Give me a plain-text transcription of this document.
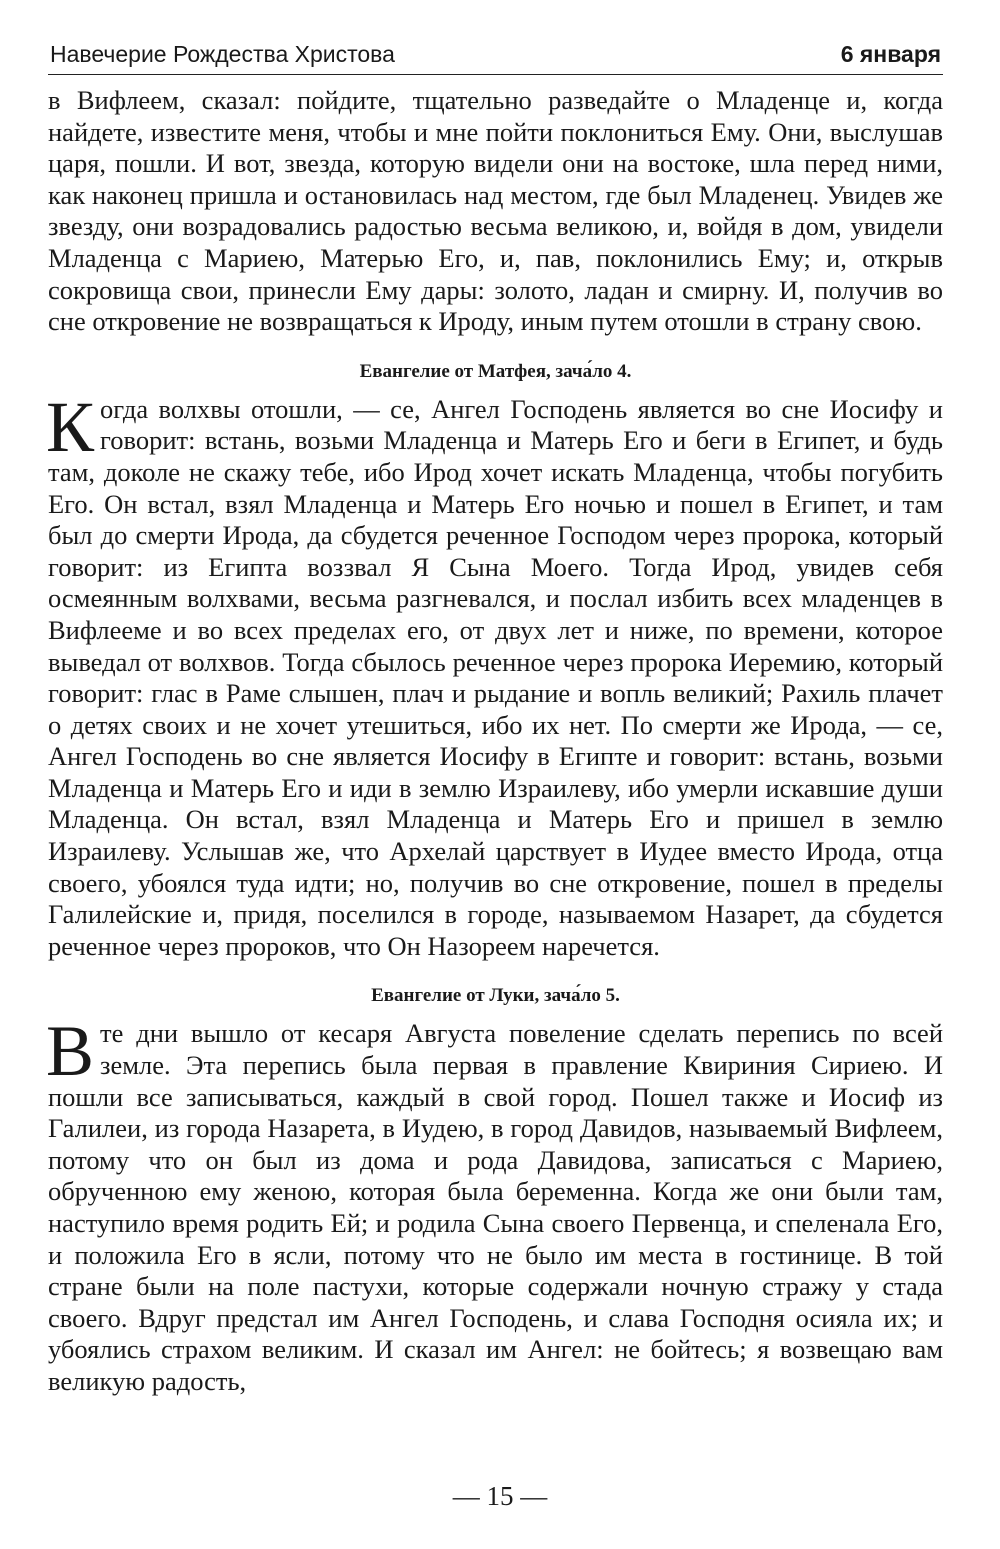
Навечерие Рождества Христова	6 января

в Вифлеем, сказал: пойдите, тщательно разведайте о Младенце и, когда найдете, известите меня, чтобы и мне пойти поклониться Ему. Они, выслушав царя, пошли. И вот, звезда, которую видели они на востоке, шла перед ними, как наконец пришла и остановилась над местом, где был Младенец. Увидев же звезду, они возрадовались радостью весьма великою, и, войдя в дом, увидели Младенца с Мариею, Матерью Его, и, пав, поклонились Ему; и, открыв сокровища свои, принесли Ему дары: золото, ладан и смирну. И, получив во сне откровение не возвращаться к Ироду, иным путем отошли в страну свою.

Евангелие от Матфея, зача́ло 4.

Когда волхвы отошли, — се, Ангел Господень является во сне Иосифу и говорит: встань, возьми Младенца и Матерь Его и беги в Египет, и будь там, доколе не скажу тебе, ибо Ирод хочет искать Младенца, чтобы погубить Его. Он встал, взял Младенца и Матерь Его ночью и пошел в Египет, и там был до смерти Ирода, да сбудется реченное Господом через пророка, который говорит: из Египта воззвал Я Сына Моего. Тогда Ирод, увидев себя осмеянным волхвами, весьма разгневался, и послал избить всех младенцев в Вифлееме и во всех пределах его, от двух лет и ниже, по времени, которое выведал от волхвов. Тогда сбылось реченное через пророка Иеремию, который говорит: глас в Раме слышен, плач и рыдание и вопль великий; Рахиль плачет о детях своих и не хочет утешиться, ибо их нет. По смерти же Ирода, — се, Ангел Господень во сне является Иосифу в Египте и говорит: встань, возьми Младенца и Матерь Его и иди в землю Израилеву, ибо умерли искавшие души Младенца. Он встал, взял Младенца и Матерь Его и пришел в землю Израилеву. Услышав же, что Архелай царствует в Иудее вместо Ирода, отца своего, убоялся туда идти; но, получив во сне откровение, пошел в пределы Галилейские и, придя, поселился в городе, называемом Назарет, да сбудется реченное через пророков, что Он Назореем наречется.

Евангелие от Луки, зача́ло 5.

Вте дни вышло от кесаря Августа повеление сделать перепись по всей земле. Эта перепись была первая в правление Квириния Сириею. И пошли все записываться, каждый в свой город. Пошел также и Иосиф из Галилеи, из города Назарета, в Иудею, в город Давидов, называемый Вифлеем, потому что он был из дома и рода Давидова, записаться с Мариею, обрученною ему женою, которая была беременна. Когда же они были там, наступило время родить Ей; и родила Сына своего Первенца, и спеленала Его, и положила Его в ясли, потому что не было им места в гостинице. В той стране были на поле пастухи, которые содержали ночную стражу у стада своего. Вдруг предстал им Ангел Господень, и слава Господня осияла их; и убоялись страхом великим. И сказал им Ангел: не бойтесь; я возвещаю вам великую радость,

— 15 —
